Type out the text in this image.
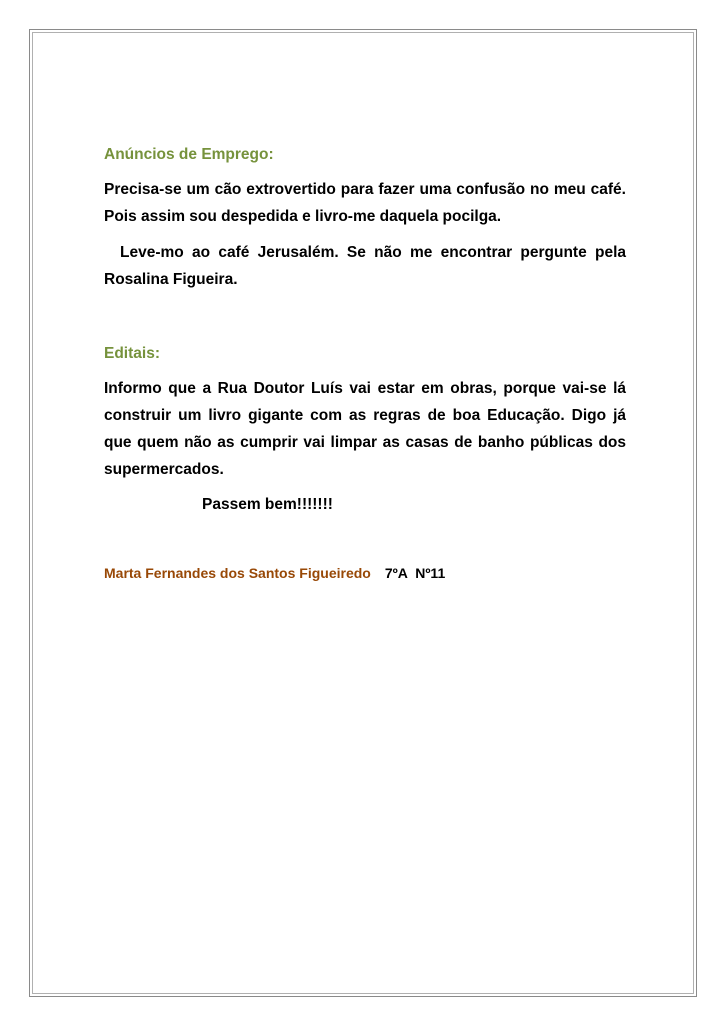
Anúncios de Emprego:

Precisa-se um cão extrovertido para fazer uma confusão no meu café. Pois assim sou despedida e livro-me daquela pocilga.

Leve-mo ao café Jerusalém. Se não me encontrar pergunte pela Rosalina Figueira.

Editais:

Informo que a Rua Doutor Luís vai estar em obras, porque vai-se lá construir um livro gigante com as regras de boa Educação. Digo já que quem não as cumprir vai limpar as casas de banho públicas dos supermercados.

Passem bem!!!!!!!

Marta Fernandes dos Santos Figueiredo 7ºA Nº11
